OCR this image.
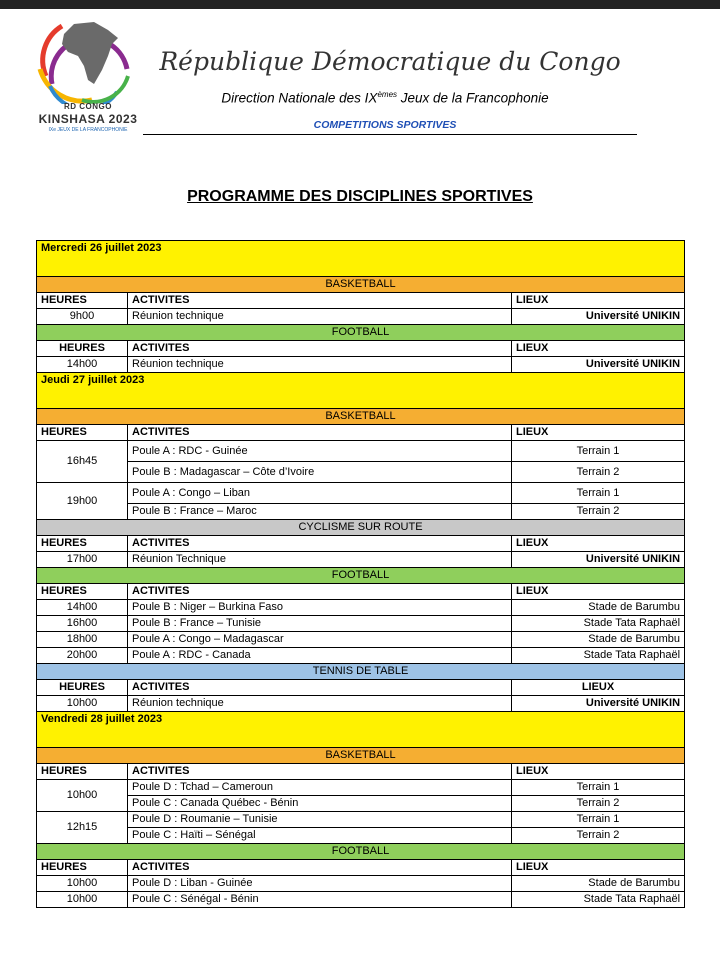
RD CONGO
KINSHASA 2023
IXe JEUX DE LA FRANCOPHONIE
République Démocratique du Congo
Direction Nationale des IXèmes Jeux de la Francophonie
COMPETITIONS SPORTIVES
PROGRAMME DES DISCIPLINES SPORTIVES
Mercredi 26 juillet 2023		
BASKETBALL		
HEURES	ACTIVITES	LIEUX
9h00	Réunion technique	Université UNIKIN
FOOTBALL		
HEURES	ACTIVITES	LIEUX
14h00	Réunion technique	Université UNIKIN
Jeudi 27 juillet 2023		
BASKETBALL		
HEURES	ACTIVITES	LIEUX
16h45	Poule A : RDC - Guinée	Terrain 1
	Poule B : Madagascar – Côte d’Ivoire	Terrain 2
19h00	Poule A : Congo – Liban	Terrain 1
	Poule B : France – Maroc	Terrain 2
CYCLISME SUR ROUTE		
HEURES	ACTIVITES	LIEUX
17h00	Réunion Technique	Université UNIKIN
FOOTBALL		
HEURES	ACTIVITES	LIEUX
14h00	Poule B : Niger – Burkina Faso	Stade de Barumbu
16h00	Poule B : France – Tunisie	Stade Tata Raphaël
18h00	Poule A : Congo – Madagascar	Stade de Barumbu
20h00	Poule A : RDC - Canada	Stade Tata Raphaël
TENNIS DE TABLE		
HEURES	ACTIVITES	LIEUX
10h00	Réunion technique	Université UNIKIN
Vendredi 28 juillet 2023		
BASKETBALL		
HEURES	ACTIVITES	LIEUX
10h00	Poule D : Tchad – Cameroun	Terrain 1
	Poule C : Canada Québec - Bénin	Terrain 2
12h15	Poule D : Roumanie – Tunisie	Terrain 1
	Poule C : Haïti – Sénégal	Terrain 2
FOOTBALL		
HEURES	ACTIVITES	LIEUX
10h00	Poule D : Liban - Guinée	Stade de Barumbu
10h00	Poule C : Sénégal - Bénin	Stade Tata Raphaël
